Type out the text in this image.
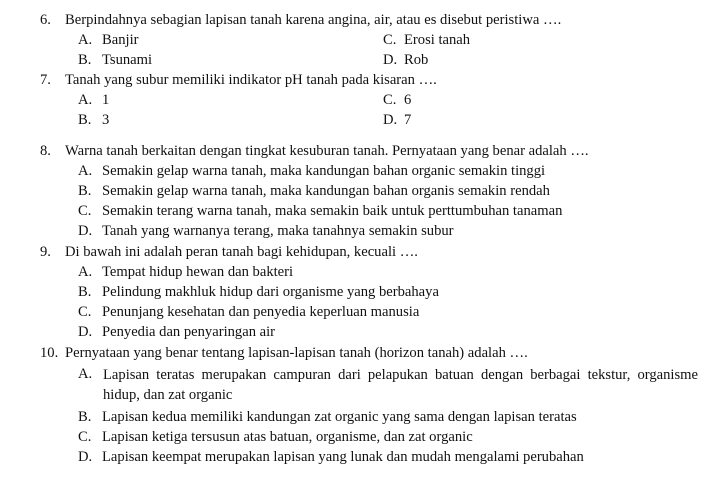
6. Berpindahnya sebagian lapisan tanah karena angina, air, atau es disebut peristiwa ….
A. Banjir	C. Erosi tanah
B. Tsunami	D. Rob
7. Tanah yang subur memiliki indikator pH tanah pada kisaran ….
A. 1	C. 6
B. 3	D. 7
8. Warna tanah berkaitan dengan tingkat kesuburan tanah. Pernyataan yang benar adalah ….
A. Semakin gelap warna tanah, maka kandungan bahan organic semakin tinggi
B. Semakin gelap warna tanah, maka kandungan bahan organis semakin rendah
C. Semakin terang warna tanah, maka semakin baik untuk perttumbuhan tanaman
D. Tanah yang warnanya terang, maka tanahnya semakin subur
9. Di bawah ini adalah peran tanah bagi kehidupan, kecuali ….
A. Tempat hidup hewan dan bakteri
B. Pelindung makhluk hidup dari organisme yang berbahaya
C. Penunjang kesehatan dan penyedia keperluan manusia
D. Penyedia dan penyaringan air
10. Pernyataan yang benar tentang lapisan-lapisan tanah (horizon tanah) adalah ….
A. Lapisan teratas merupakan campuran dari pelapukan batuan dengan berbagai tekstur, organisme hidup, dan zat organic
B. Lapisan kedua memiliki kandungan zat organic yang sama dengan lapisan teratas
C. Lapisan ketiga tersusun atas batuan, organisme, dan zat organic
D. Lapisan keempat merupakan lapisan yang lunak dan mudah mengalami perubahan
